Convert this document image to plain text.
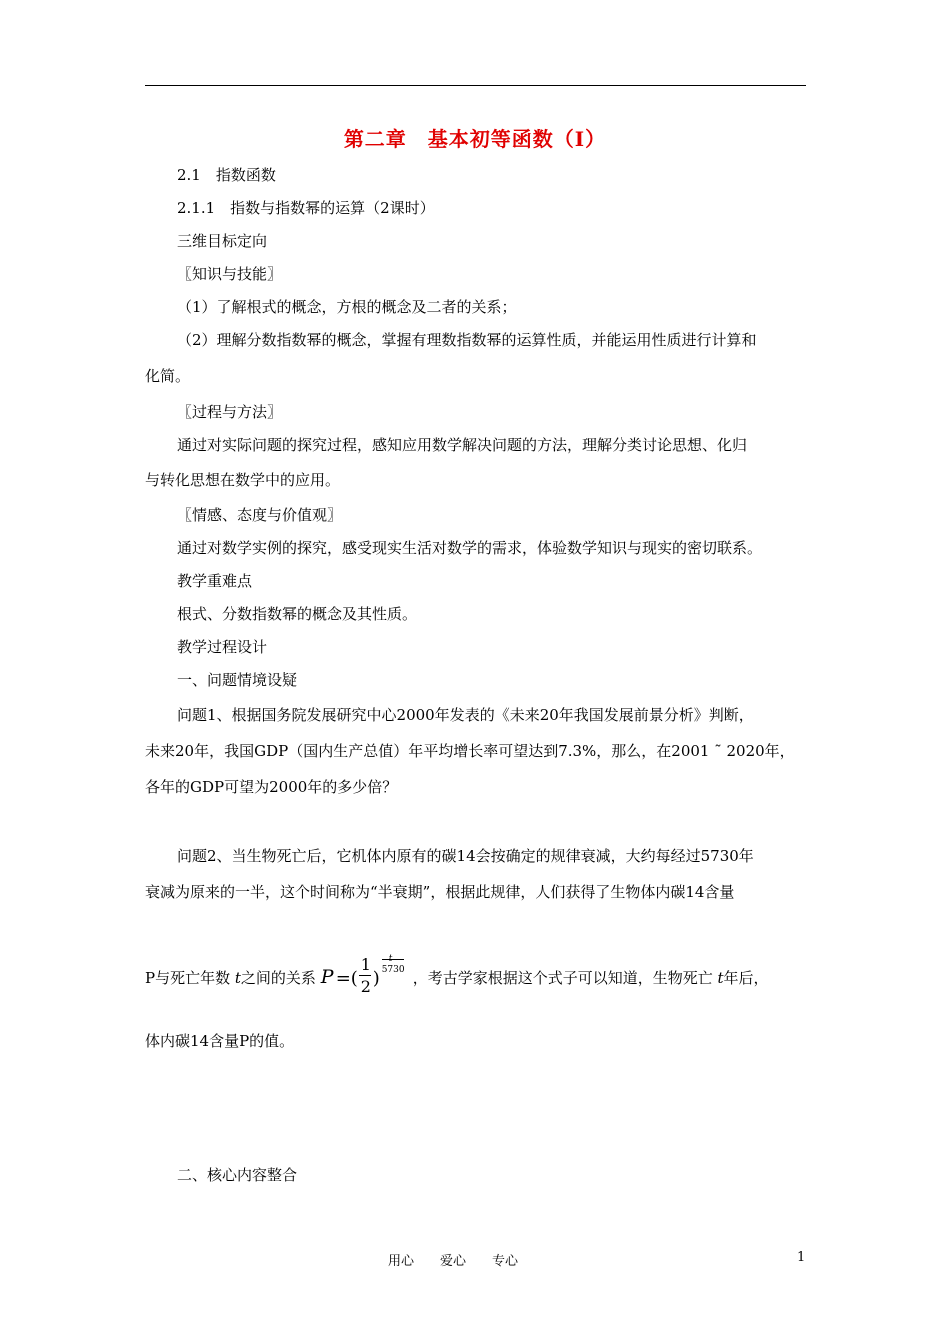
第二章　基本初等函数（Ⅰ）
2.1　指数函数
2.1.1　指数与指数幂的运算（2课时）
三维目标定向
〖知识与技能〗
（1）了解根式的概念，方根的概念及二者的关系；
（2）理解分数指数幂的概念，掌握有理数指数幂的运算性质，并能运用性质进行计算和
化简。
〖过程与方法〗
通过对实际问题的探究过程，感知应用数学解决问题的方法，理解分类讨论思想、化归
与转化思想在数学中的应用。
〖情感、态度与价值观〗
通过对数学实例的探究，感受现实生活对数学的需求，体验数学知识与现实的密切联系。
教学重难点
根式、分数指数幂的概念及其性质。
教学过程设计
一、问题情境设疑
问题1、根据国务院发展研究中心2000年发表的《未来20年我国发展前景分析》判断，
未来20年，我国GDP（国内生产总值）年平均增长率可望达到7.3%，那么，在2001 ˜ 2020年，
各年的GDP可望为2000年的多少倍？
问题2、当生物死亡后，它机体内原有的碳14会按确定的规律衰减，大约每经过5730年
衰减为原来的一半，这个时间称为“半衰期”，根据此规律，人们获得了生物体内碳14含量
P与死亡年数 t之间的关系 P =(
1
2 )
t
5730 ，考古学家根据这个式子可以知道，生物死亡 t年后，
体内碳14含量P的值。
二、核心内容整合
用心　　爱心　　专心	1
